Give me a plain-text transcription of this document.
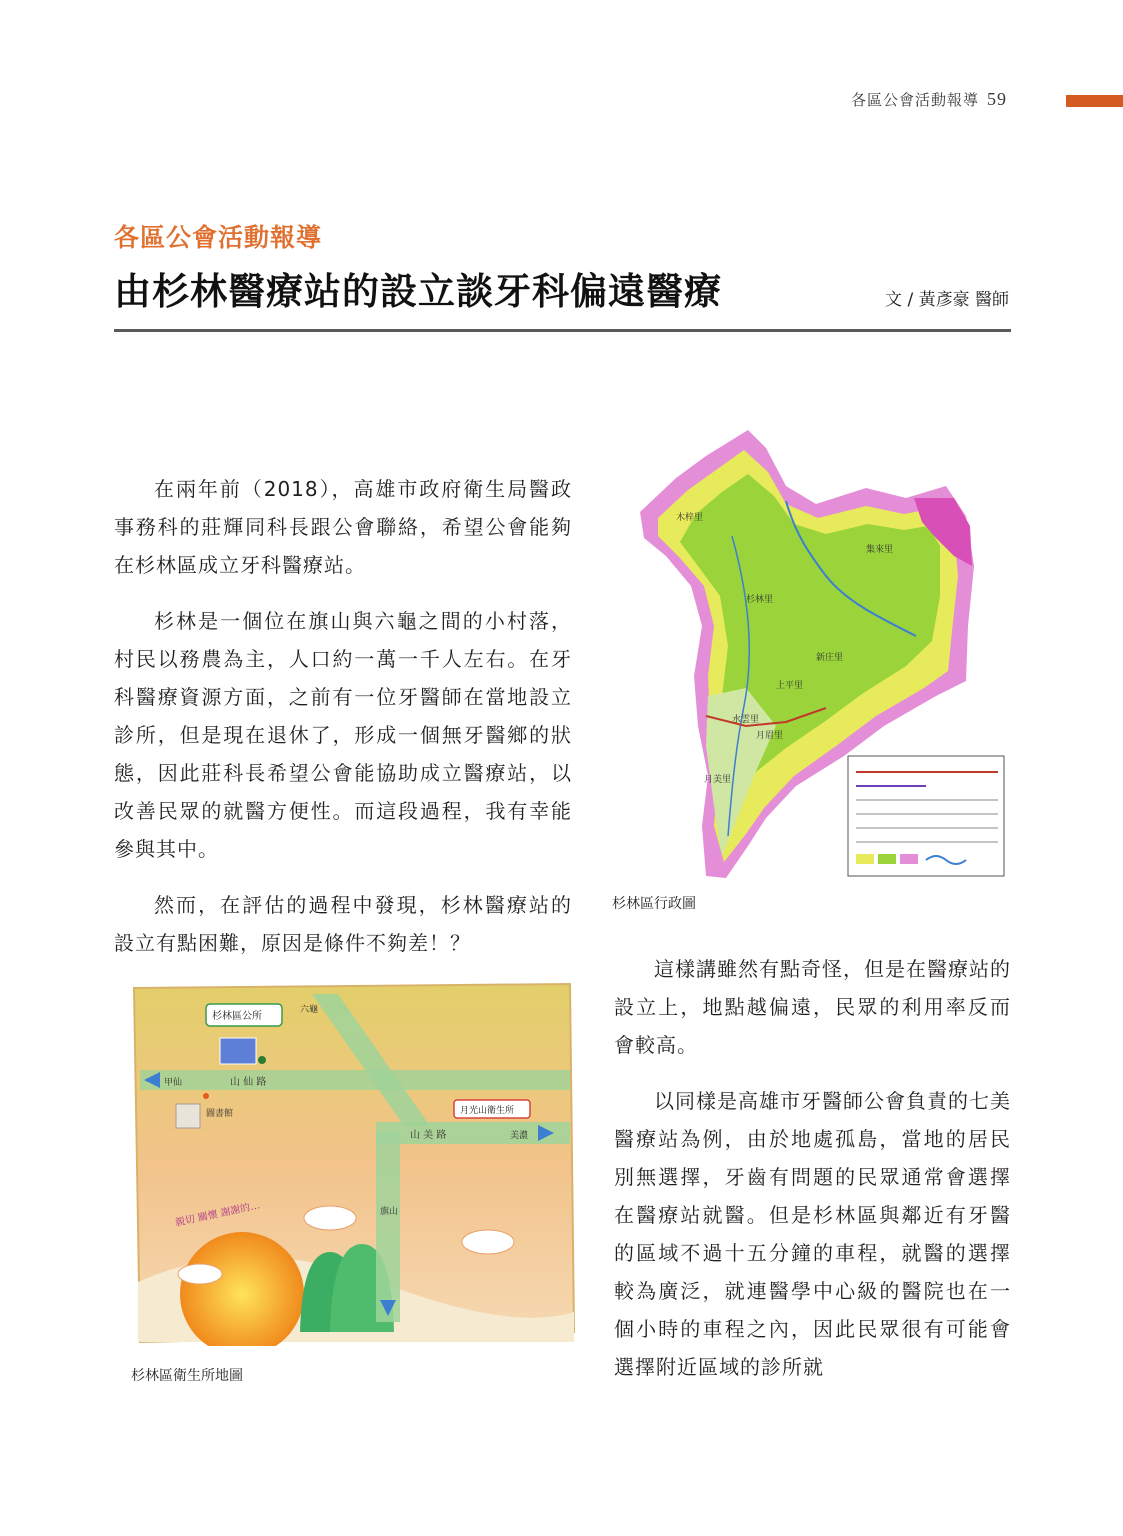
各區公會活動報導 59
各區公會活動報導
由杉林醫療站的設立談牙科偏遠醫療	文 / 黃彥豪 醫師

在兩年前（2018），高雄市政府衛生局醫政事務科的莊輝同科長跟公會聯絡，希望公會能夠在杉林區成立牙科醫療站。

杉林是一個位在旗山與六龜之間的小村落，村民以務農為主，人口約一萬一千人左右。在牙科醫療資源方面，之前有一位牙醫師在當地設立診所，但是現在退休了，形成一個無牙醫鄉的狀態，因此莊科長希望公會能協助成立醫療站，以改善民眾的就醫方便性。而這段過程，我有幸能參與其中。

然而，在評估的過程中發現，杉林醫療站的設立有點困難，原因是條件不夠差！？

木梓里
集來里
杉林里
新庄里
上平里
水雲里
月眉里
月美里
杉林區行政圖

這樣講雖然有點奇怪，但是在醫療站的設立上，地點越偏遠，民眾的利用率反而會較高。

以同樣是高雄市牙醫師公會負責的七美醫療站為例，由於地處孤島，當地的居民別無選擇，牙齒有問題的民眾通常會選擇在醫療站就醫。但是杉林區與鄰近有牙醫的區域不過十五分鐘的車程，就醫的選擇較為廣泛，就連醫學中心級的醫院也在一個小時的車程之內，因此民眾很有可能會選擇附近區域的診所就

杉林區公所
圖書館
甲仙	山 仙 路
山 美 路	美濃
旗山
六龜
月光山衛生所
親切 關懷 謝謝的…
杉林區衛生所地圖
